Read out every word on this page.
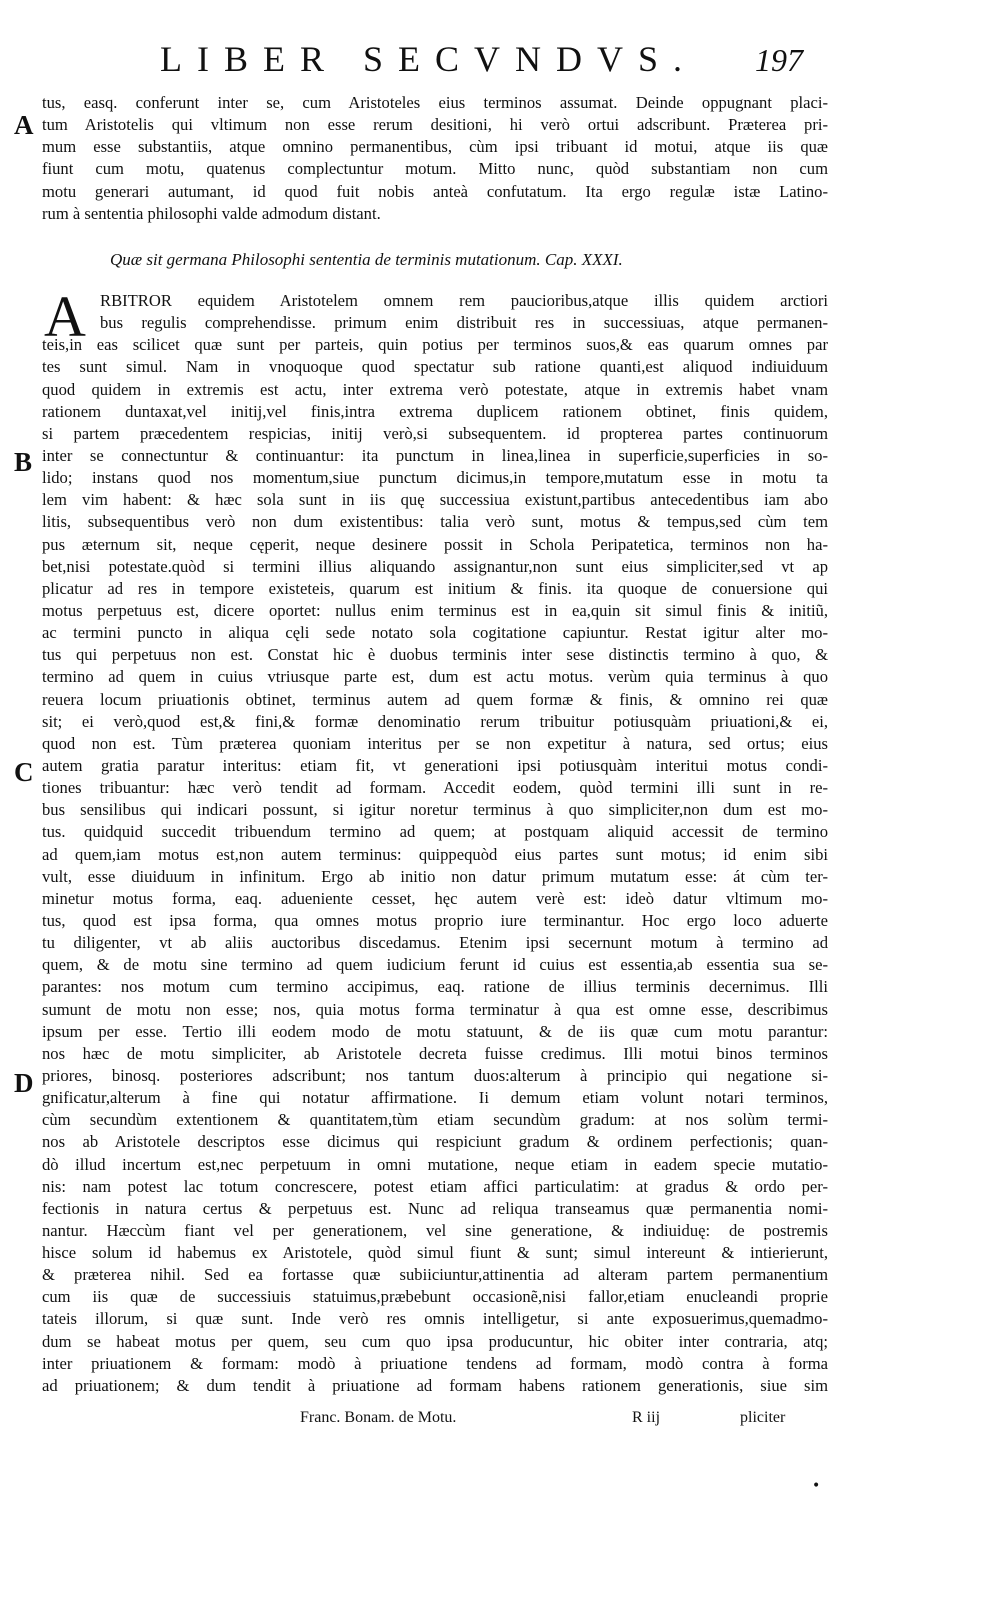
LIBER SECVNDVS. 197
A
B
C
D
tus, easq. conferunt inter se, cum Aristoteles eius terminos assumat. Deinde oppugnant placi-
tum Aristotelis qui vltimum non esse rerum desitioni, hi verò ortui adscribunt. Præterea pri-
mum esse substantiis, atque omnino permanentibus, cùm ipsi tribuant id motui, atque iis quæ
fiunt cum motu, quatenus complectuntur motum. Mitto nunc, quòd substantiam non cum
motu generari autumant, id quod fuit nobis anteà confutatum. Ita ergo regulæ istæ Latino-
rum à sententia philosophi valde admodum distant.
Quæ sit germana Philosophi sententia de terminis mutationum. Cap. XXXI.
A RBITROR equidem Aristotelem omnem rem paucioribus,atque illis quidem arctiori
bus regulis comprehendisse. primum enim distribuit res in successiuas, atque permanen-
teis,in eas scilicet quæ sunt per parteis, quin potius per terminos suos,& eas quarum omnes par
tes sunt simul. Nam in vnoquoque quod spectatur sub ratione quanti,est aliquod indiuiduum
quod quidem in extremis est actu, inter extrema verò potestate, atque in extremis habet vnam
rationem duntaxat,vel initij,vel finis,intra extrema duplicem rationem obtinet, finis quidem,
si partem præcedentem respicias, initij verò,si subsequentem. id propterea partes continuorum
inter se connectuntur & continuantur: ita punctum in linea,linea in superficie,superficies in so-
lido; instans quod nos momentum,siue punctum dicimus,in tempore,mutatum esse in motu ta
lem vim habent: & hæc sola sunt in iis quę successiua existunt,partibus antecedentibus iam abo
litis, subsequentibus verò non dum existentibus: talia verò sunt, motus & tempus,sed cùm tem
pus æternum sit, neque cęperit, neque desinere possit in Schola Peripatetica, terminos non ha-
bet,nisi potestate.quòd si termini illius aliquando assignantur,non sunt eius simpliciter,sed vt ap
plicatur ad res in tempore existeteis, quarum est initium & finis. ita quoque de conuersione qui
motus perpetuus est, dicere oportet: nullus enim terminus est in ea,quin sit simul finis & initiũ,
ac termini puncto in aliqua cęli sede notato sola cogitatione capiuntur. Restat igitur alter mo-
tus qui perpetuus non est. Constat hic è duobus terminis inter sese distinctis termino à quo, &
termino ad quem in cuius vtriusque parte est, dum est actu motus. verùm quia terminus à quo
reuera locum priuationis obtinet, terminus autem ad quem formæ & finis, & omnino rei quæ
sit; ei verò,quod est,& fini,& formæ denominatio rerum tribuitur potiusquàm priuationi,& ei,
quod non est. Tùm præterea quoniam interitus per se non expetitur à natura, sed ortus; eius
autem gratia paratur interitus: etiam fit, vt generationi ipsi potiusquàm interitui motus condi-
tiones tribuantur: hæc verò tendit ad formam. Accedit eodem, quòd termini illi sunt in re-
bus sensilibus qui indicari possunt, si igitur noretur terminus à quo simpliciter,non dum est mo-
tus. quidquid succedit tribuendum termino ad quem; at postquam aliquid accessit de termino
ad quem,iam motus est,non autem terminus: quippequòd eius partes sunt motus; id enim sibi
vult, esse diuiduum in infinitum. Ergo ab initio non datur primum mutatum esse: át cùm ter-
minetur motus forma, eaq. adueniente cesset, hęc autem verè est: ideò datur vltimum mo-
tus, quod est ipsa forma, qua omnes motus proprio iure terminantur. Hoc ergo loco aduerte
tu diligenter, vt ab aliis auctoribus discedamus. Etenim ipsi secernunt motum à termino ad
quem, & de motu sine termino ad quem iudicium ferunt id cuius est essentia,ab essentia sua se-
parantes: nos motum cum termino accipimus, eaq. ratione de illius terminis decernimus. Illi
sumunt de motu non esse; nos, quia motus forma terminatur à qua est omne esse, describimus
ipsum per esse. Tertio illi eodem modo de motu statuunt, & de iis quæ cum motu parantur:
nos hæc de motu simpliciter, ab Aristotele decreta fuisse credimus. Illi motui binos terminos
priores, binosq. posteriores adscribunt; nos tantum duos:alterum à principio qui negatione si-
gnificatur,alterum à fine qui notatur affirmatione. Ii demum etiam volunt notari terminos,
cùm secundùm extentionem & quantitatem,tùm etiam secundùm gradum: at nos solùm termi-
nos ab Aristotele descriptos esse dicimus qui respiciunt gradum & ordinem perfectionis; quan-
dò illud incertum est,nec perpetuum in omni mutatione, neque etiam in eadem specie mutatio-
nis: nam potest lac totum concrescere, potest etiam affici particulatim: at gradus & ordo per-
fectionis in natura certus & perpetuus est. Nunc ad reliqua transeamus quæ permanentia nomi-
nantur. Hæccùm fiant vel per generationem, vel sine generatione, & indiuiduę: de postremis
hisce solum id habemus ex Aristotele, quòd simul fiunt & sunt; simul intereunt & intierierunt,
& præterea nihil. Sed ea fortasse quæ subiiciuntur,attinentia ad alteram partem permanentium
cum iis quæ de successiuis statuimus,præbebunt occasionẽ,nisi fallor,etiam enucleandi proprie
tateis illorum, si quæ sunt. Inde verò res omnis intelligetur, si ante exposuerimus,quemadmo-
dum se habeat motus per quem, seu cum quo ipsa producuntur, hic obiter inter contraria, atq;
inter priuationem & formam: modò à priuatione tendens ad formam, modò contra à forma
ad priuationem; & dum tendit à priuatione ad formam habens rationem generationis, siue sim
Franc. Bonam. de Motu.	R iij	pliciter
•
